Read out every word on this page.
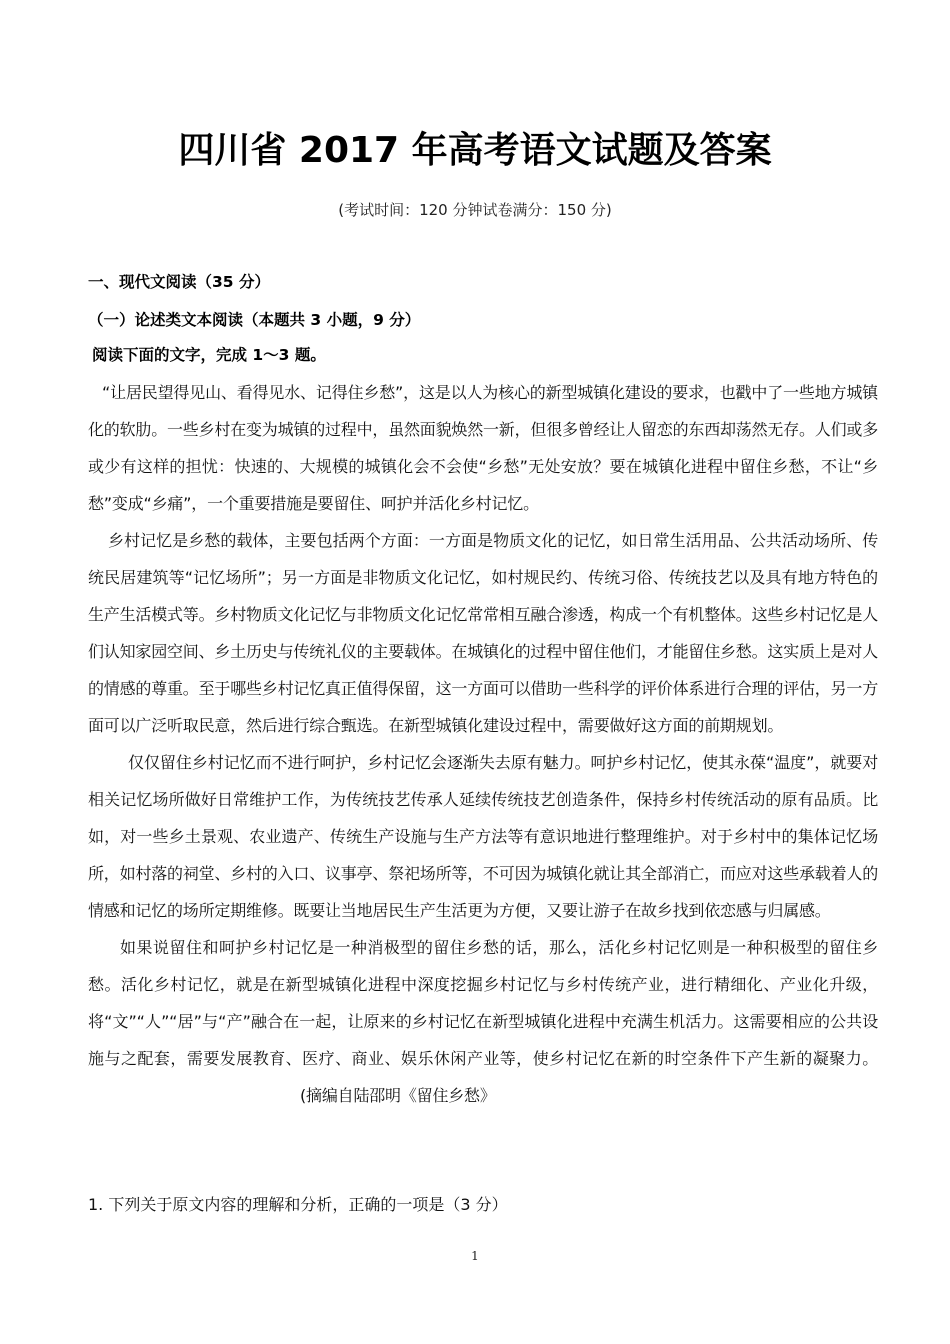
四川省 2017 年高考语文试题及答案
(考试时间：120 分钟试卷满分：150 分)
一、现代文阅读（35 分）
（一）论述类文本阅读（本题共 3 小题，9 分）
阅读下面的文字，完成 1～3 题。

“让居民望得见山、看得见水、记得住乡愁”，这是以人为核心的新型城镇化建设的要求，也戳中了一些地方城镇化的软肋。一些乡村在变为城镇的过程中，虽然面貌焕然一新，但很多曾经让人留恋的东西却荡然无存。人们或多或少有这样的担忧：快速的、大规模的城镇化会不会使“乡愁”无处安放？要在城镇化进程中留住乡愁，不让“乡愁”变成“乡痛”，一个重要措施是要留住、呵护并活化乡村记忆。

乡村记忆是乡愁的载体，主要包括两个方面：一方面是物质文化的记忆，如日常生活用品、公共活动场所、传统民居建筑等“记忆场所”；另一方面是非物质文化记忆，如村规民约、传统习俗、传统技艺以及具有地方特色的生产生活模式等。乡村物质文化记忆与非物质文化记忆常常相互融合渗透，构成一个有机整体。这些乡村记忆是人们认知家园空间、乡土历史与传统礼仪的主要载体。在城镇化的过程中留住他们，才能留住乡愁。这实质上是对人的情感的尊重。至于哪些乡村记忆真正值得保留，这一方面可以借助一些科学的评价体系进行合理的评估，另一方面可以广泛听取民意，然后进行综合甄选。在新型城镇化建设过程中，需要做好这方面的前期规划。

仅仅留住乡村记忆而不进行呵护，乡村记忆会逐渐失去原有魅力。呵护乡村记忆，使其永葆“温度”，就要对相关记忆场所做好日常维护工作，为传统技艺传承人延续传统技艺创造条件，保持乡村传统活动的原有品质。比如，对一些乡土景观、农业遗产、传统生产设施与生产方法等有意识地进行整理维护。对于乡村中的集体记忆场所，如村落的祠堂、乡村的入口、议事亭、祭祀场所等，不可因为城镇化就让其全部消亡，而应对这些承载着人的情感和记忆的场所定期维修。既要让当地居民生产生活更为方便，又要让游子在故乡找到依恋感与归属感。

如果说留住和呵护乡村记忆是一种消极型的留住乡愁的话，那么，活化乡村记忆则是一种积极型的留住乡愁。活化乡村记忆，就是在新型城镇化进程中深度挖掘乡村记忆与乡村传统产业，进行精细化、产业化升级，将“文”“人”“居”与“产”融合在一起，让原来的乡村记忆在新型城镇化进程中充满生机活力。这需要相应的公共设施与之配套，需要发展教育、医疗、商业、娱乐休闲产业等，使乡村记忆在新的时空条件下产生新的凝聚力。(摘编自陆邵明《留住乡愁》

1. 下列关于原文内容的理解和分析，正确的一项是（3 分）
1
